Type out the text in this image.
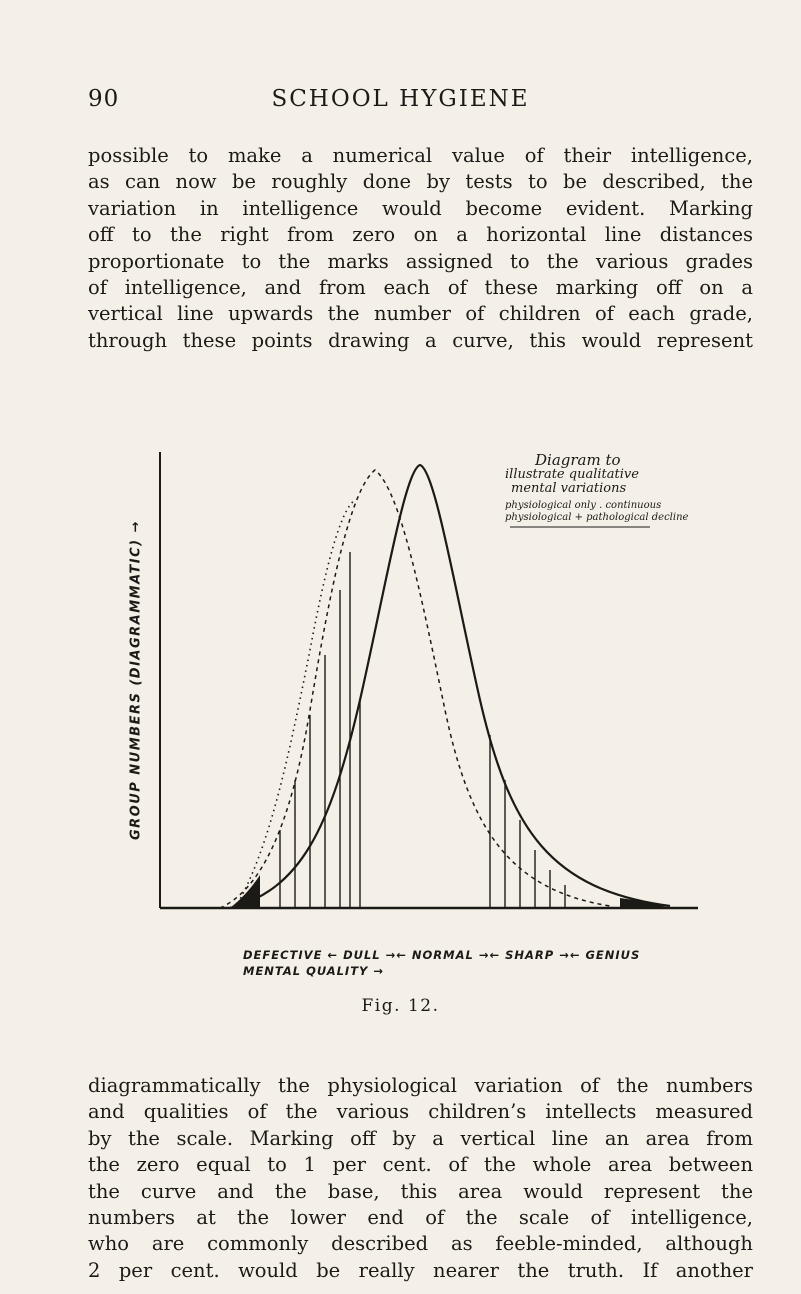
90	SCHOOL HYGIENE
possible to make a numerical value of their intelligence,
as can now be roughly done by tests to be described, the
variation in intelligence would become evident. Marking
off to the right from zero on a horizontal line distances
proportionate to the marks assigned to the various grades
of intelligence, and from each of these marking off on a
vertical line upwards the number of children of each grade,
through these points drawing a curve, this would represent
GROUP NUMBERS (DIAGRAMMATIC) →
Diagram to
illustrate qualitative
mental variations
physiological only . continuous
physiological + pathological decline
DEFECTIVE ← DULL →← NORMAL →← SHARP →← GENIUS
MENTAL QUALITY →
Fig. 12.
diagrammatically the physiological variation of the numbers
and qualities of the various children’s intellects measured
by the scale. Marking off by a vertical line an area from
the zero equal to 1 per cent. of the whole area between
the curve and the base, this area would represent the
numbers at the lower end of the scale of intelligence,
who are commonly described as feeble-minded, although
2 per cent. would be really nearer the truth. If another
